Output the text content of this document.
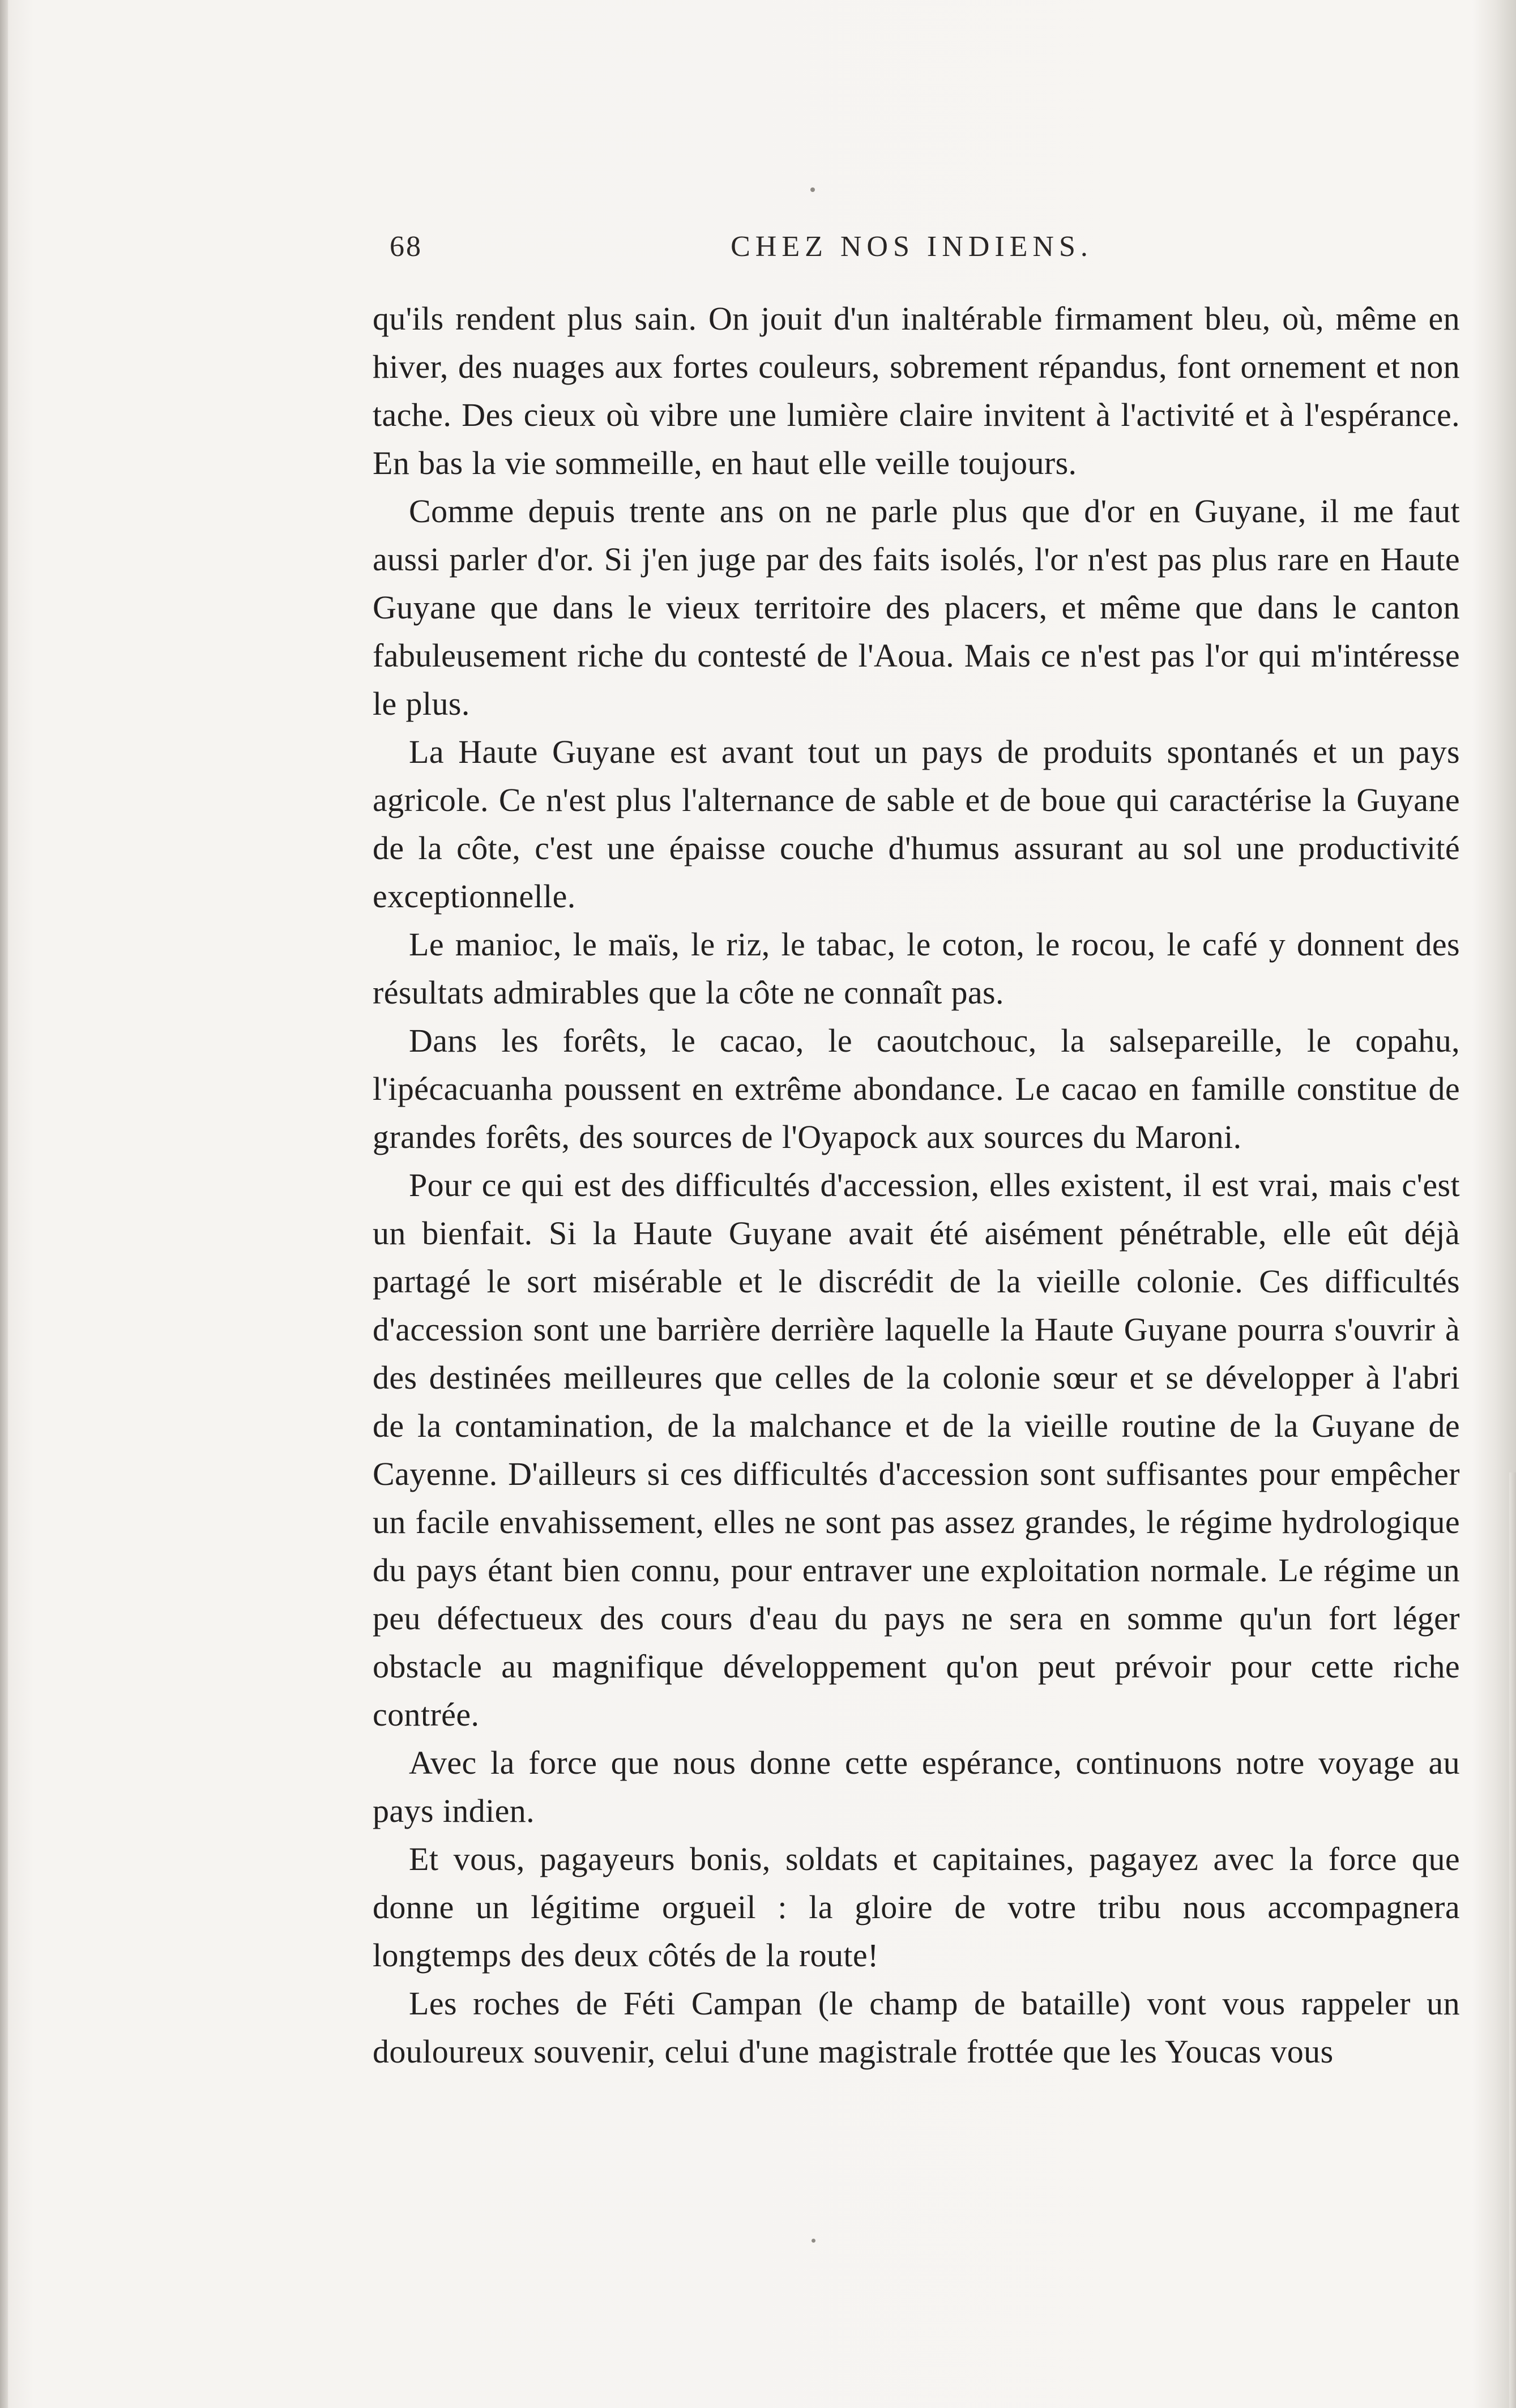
68	CHEZ NOS INDIENS.

qu'ils rendent plus sain. On jouit d'un inaltérable firmament bleu, où, même en hiver, des nuages aux fortes couleurs, sobrement répandus, font ornement et non tache. Des cieux où vibre une lumière claire invitent à l'activité et à l'espérance. En bas la vie sommeille, en haut elle veille toujours.

Comme depuis trente ans on ne parle plus que d'or en Guyane, il me faut aussi parler d'or. Si j'en juge par des faits isolés, l'or n'est pas plus rare en Haute Guyane que dans le vieux territoire des placers, et même que dans le canton fabuleusement riche du contesté de l'Aoua. Mais ce n'est pas l'or qui m'intéresse le plus.

La Haute Guyane est avant tout un pays de produits spontanés et un pays agricole. Ce n'est plus l'alternance de sable et de boue qui caractérise la Guyane de la côte, c'est une épaisse couche d'humus assurant au sol une productivité exceptionnelle.

Le manioc, le maïs, le riz, le tabac, le coton, le rocou, le café y donnent des résultats admirables que la côte ne connaît pas.

Dans les forêts, le cacao, le caoutchouc, la salsepareille, le copahu, l'ipécacuanha poussent en extrême abondance. Le cacao en famille constitue de grandes forêts, des sources de l'Oyapock aux sources du Maroni.

Pour ce qui est des difficultés d'accession, elles existent, il est vrai, mais c'est un bienfait. Si la Haute Guyane avait été aisément pénétrable, elle eût déjà partagé le sort misérable et le discrédit de la vieille colonie. Ces difficultés d'accession sont une barrière derrière laquelle la Haute Guyane pourra s'ouvrir à des destinées meilleures que celles de la colonie sœur et se développer à l'abri de la contamination, de la malchance et de la vieille routine de la Guyane de Cayenne. D'ailleurs si ces difficultés d'accession sont suffisantes pour empêcher un facile envahissement, elles ne sont pas assez grandes, le régime hydrologique du pays étant bien connu, pour entraver une exploitation normale. Le régime un peu défectueux des cours d'eau du pays ne sera en somme qu'un fort léger obstacle au magnifique développement qu'on peut prévoir pour cette riche contrée.

Avec la force que nous donne cette espérance, continuons notre voyage au pays indien.

Et vous, pagayeurs bonis, soldats et capitaines, pagayez avec la force que donne un légitime orgueil : la gloire de votre tribu nous accompagnera longtemps des deux côtés de la route!

Les roches de Féti Campan (le champ de bataille) vont vous rappeler un douloureux souvenir, celui d'une magistrale frottée que les Youcas vous
